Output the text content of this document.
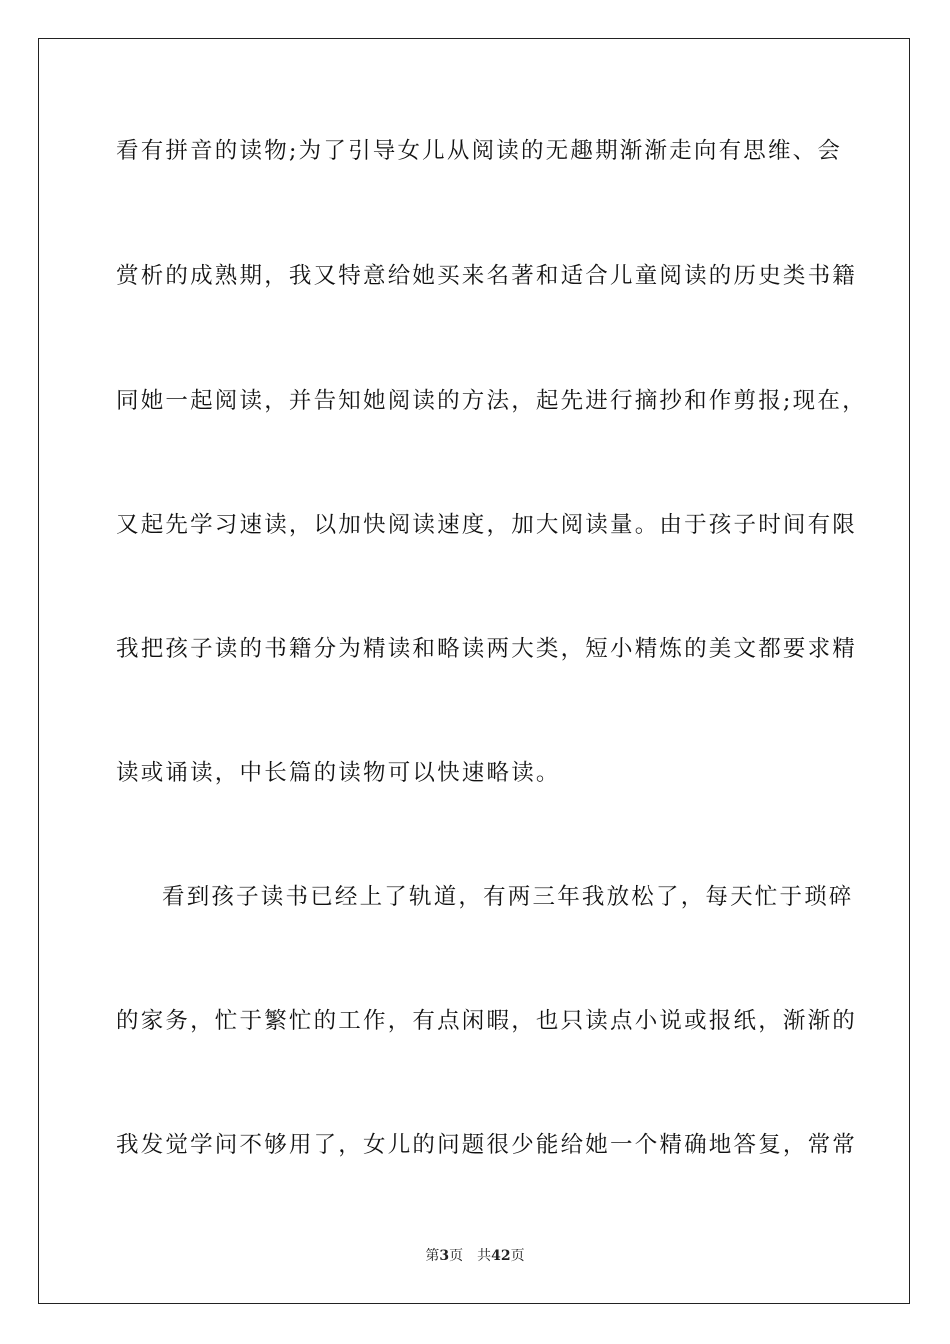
看有拼音的读物;为了引导女儿从阅读的无趣期渐渐走向有思维、会
赏析的成熟期，我又特意给她买来名著和适合儿童阅读的历史类书籍
同她一起阅读，并告知她阅读的方法，起先进行摘抄和作剪报;现在，
又起先学习速读，以加快阅读速度，加大阅读量。由于孩子时间有限
我把孩子读的书籍分为精读和略读两大类，短小精炼的美文都要求精
读或诵读，中长篇的读物可以快速略读。
看到孩子读书已经上了轨道，有两三年我放松了，每天忙于琐碎
的家务，忙于繁忙的工作，有点闲暇，也只读点小说或报纸，渐渐的
我发觉学问不够用了，女儿的问题很少能给她一个精确地答复，常常
第3页 共42页
